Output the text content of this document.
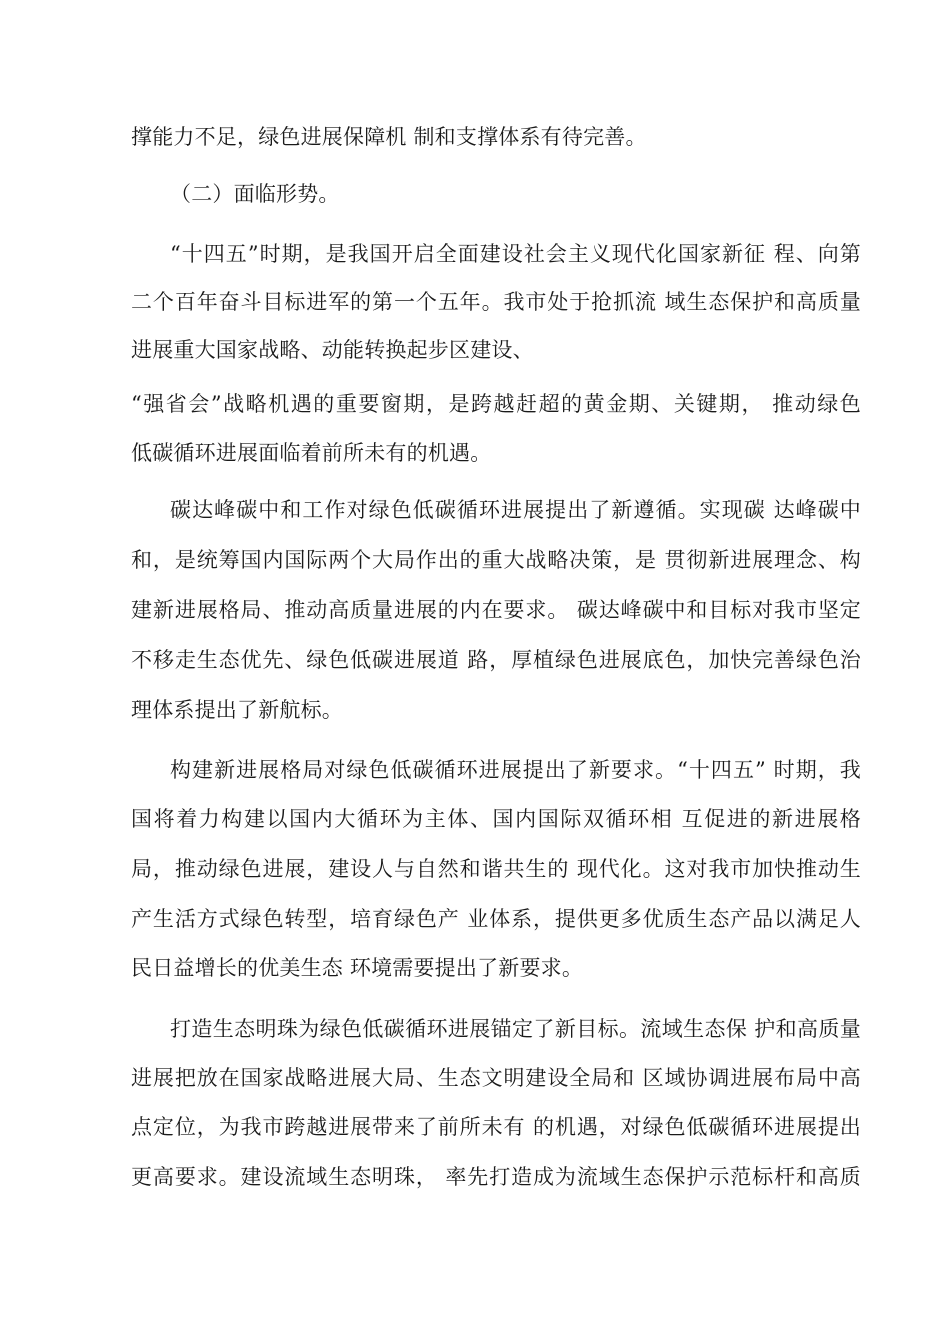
撑能力不足，绿色进展保障机 制和支撑体系有待完善。
（二）面临形势。
“十四五”时期，是我国开启全面建设社会主义现代化国家新征 程、向第
二个百年奋斗目标进军的第一个五年。我市处于抢抓流 域生态保护和高质量
进展重大国家战略、动能转换起步区建设、
“强省会”战略机遇的重要窗期，是跨越赶超的黄金期、关键期， 推动绿色
低碳循环进展面临着前所未有的机遇。
碳达峰碳中和工作对绿色低碳循环进展提出了新遵循。实现碳 达峰碳中
和，是统筹国内国际两个大局作出的重大战略决策，是 贯彻新进展理念、构
建新进展格局、推动高质量进展的内在要求。 碳达峰碳中和目标对我市坚定
不移走生态优先、绿色低碳进展道 路，厚植绿色进展底色，加快完善绿色治
理体系提出了新航标。
构建新进展格局对绿色低碳循环进展提出了新要求。“十四五” 时期，我
国将着力构建以国内大循环为主体、国内国际双循环相 互促进的新进展格
局，推动绿色进展，建设人与自然和谐共生的 现代化。这对我市加快推动生
产生活方式绿色转型，培育绿色产 业体系，提供更多优质生态产品以满足人
民日益增长的优美生态 环境需要提出了新要求。
打造生态明珠为绿色低碳循环进展锚定了新目标。流域生态保 护和高质量
进展把放在国家战略进展大局、生态文明建设全局和 区域协调进展布局中高
点定位，为我市跨越进展带来了前所未有 的机遇，对绿色低碳循环进展提出
更高要求。建设流域生态明珠， 率先打造成为流域生态保护示范标杆和高质
